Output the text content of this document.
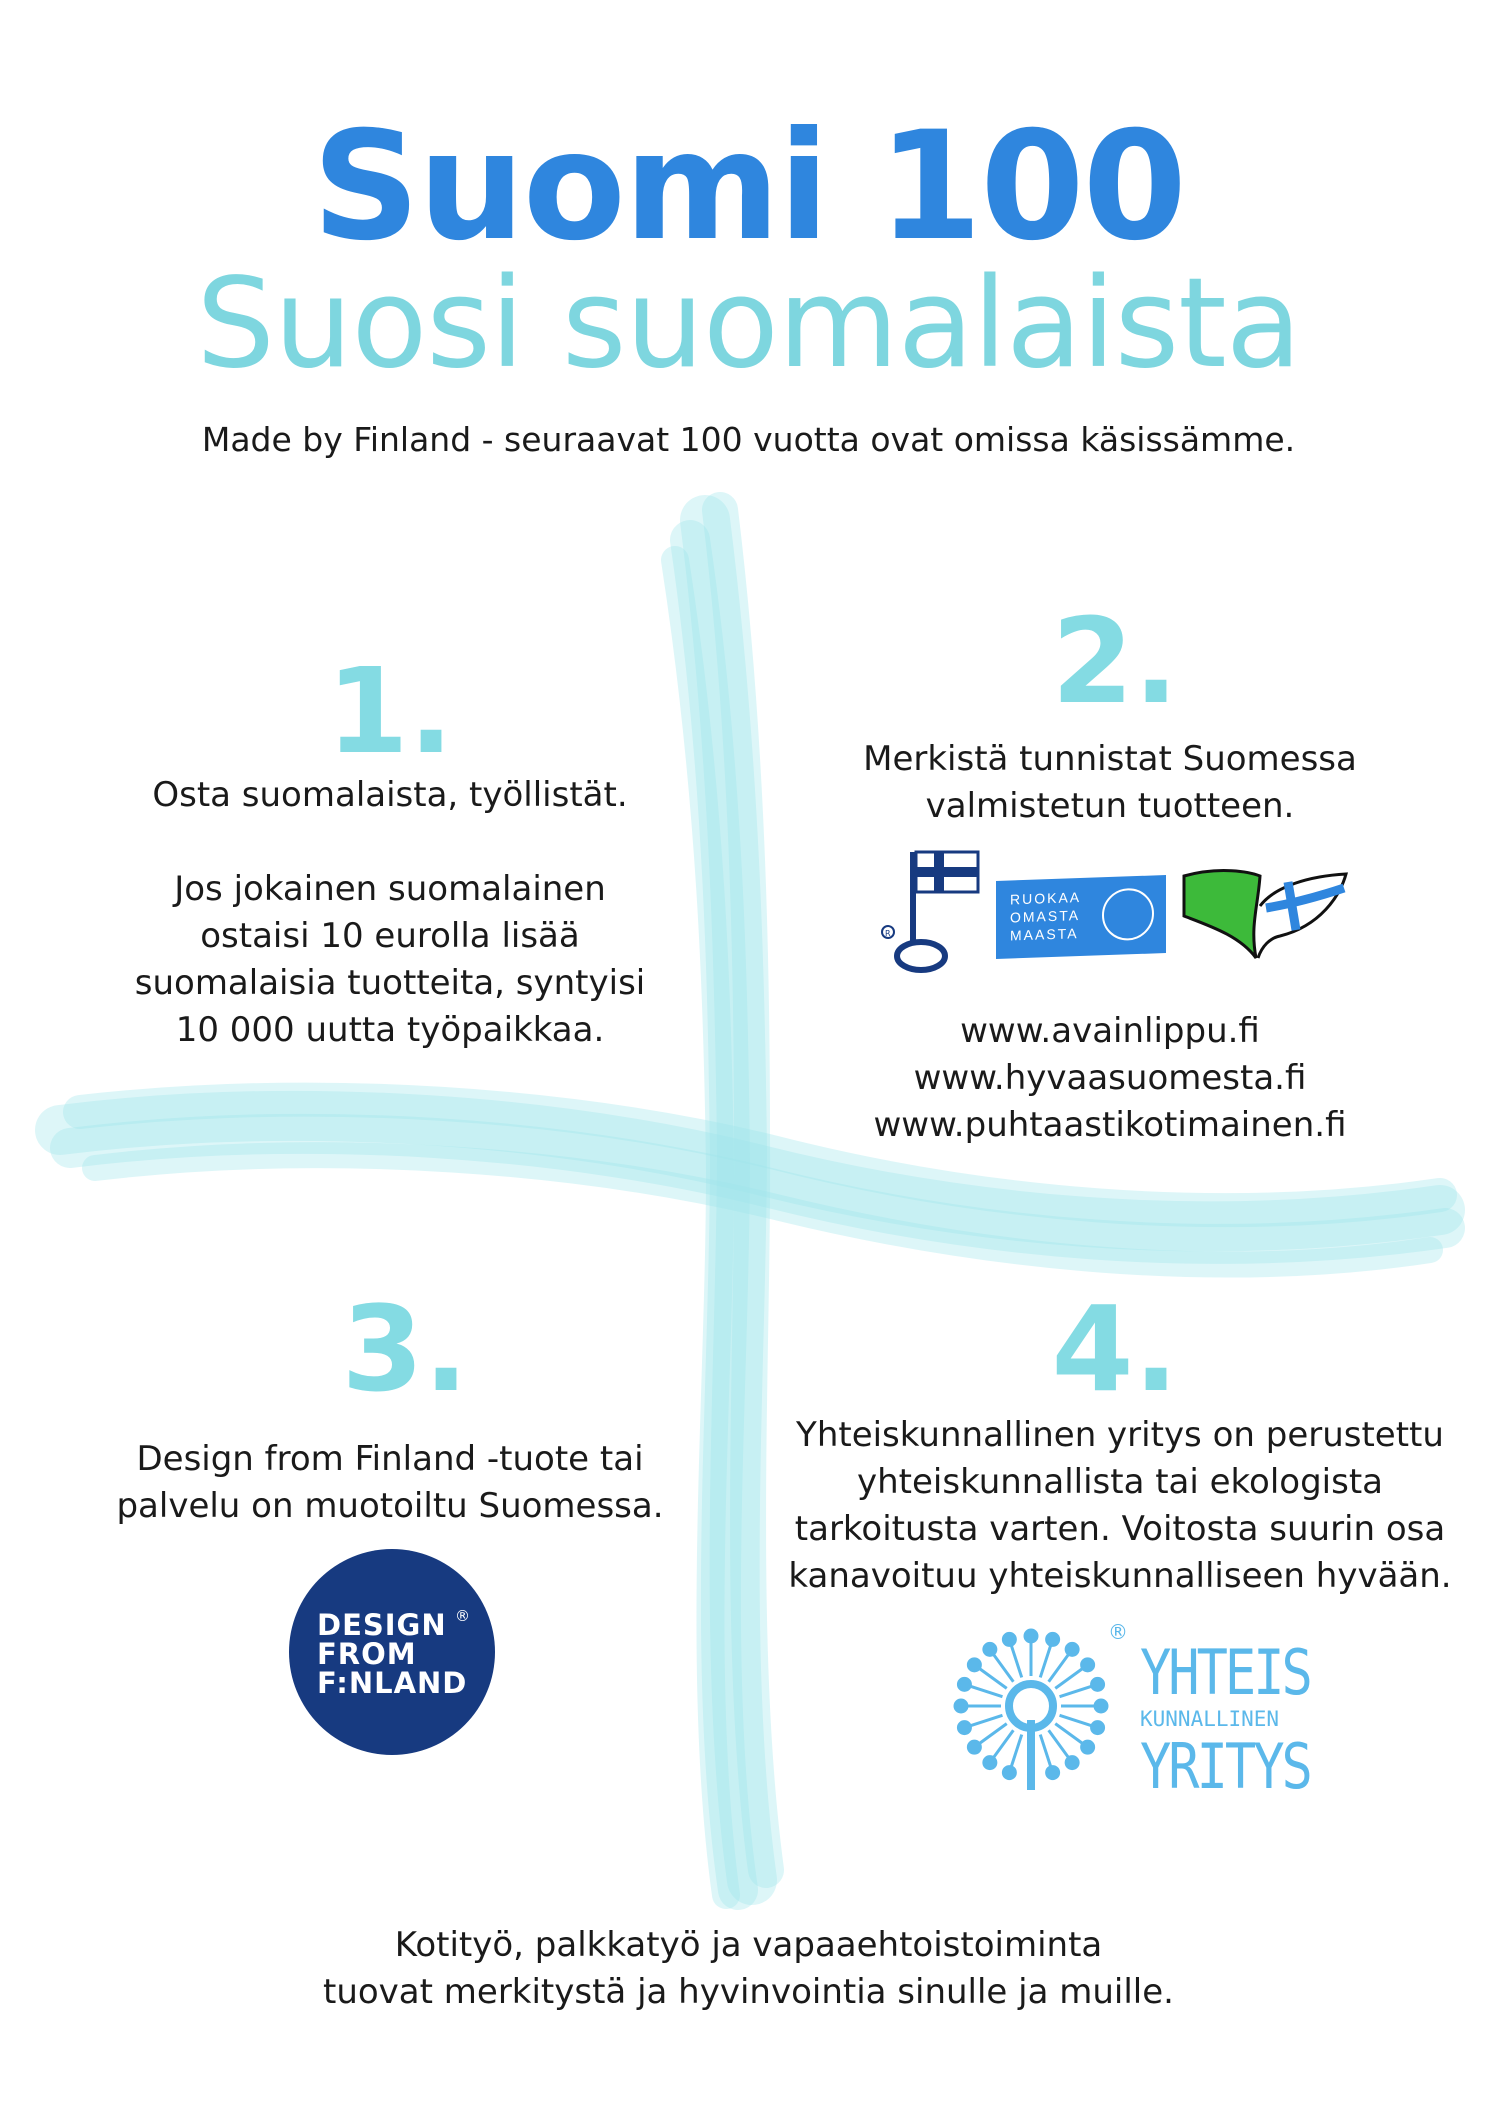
Suomi 100
Suosi suomalaista
Made by Finland - seuraavat 100 vuotta ovat omissa käsissämme.
1.
Osta suomalaista, työllistät.
Jos jokainen suomalainen
ostaisi 10 eurolla lisää
suomalaisia tuotteita, syntyisi
10 000 uutta työpaikkaa.
2.
Merkistä tunnistat Suomessa
valmistetun tuotteen.
R
RUOKAA
OMASTA
MAASTA
www.avainlippu.fi
www.hyvaasuomesta.fi
www.puhtaastikotimainen.fi
3.
Design from Finland -tuote tai
palvelu on muotoiltu Suomessa.
DESIGN
FROM
F:NLAND
®
4.
Yhteiskunnallinen yritys on perustettu
yhteiskunnallista tai ekologista
tarkoitusta varten. Voitosta suurin osa
kanavoituu yhteiskunnalliseen hyvään.
®
YHTEIS
KUNNALLINEN
YRITYS
Kotityö, palkkatyö ja vapaaehtoistoiminta
tuovat merkitystä ja hyvinvointia sinulle ja muille.
